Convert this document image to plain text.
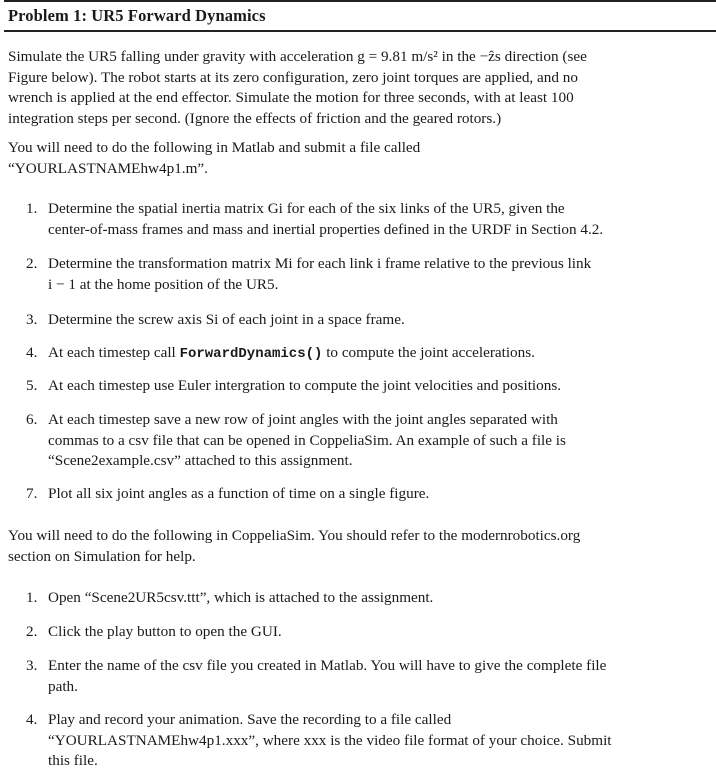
Problem 1: UR5 Forward Dynamics
Simulate the UR5 falling under gravity with acceleration g = 9.81 m/s² in the −ẑs direction (see
Figure below). The robot starts at its zero configuration, zero joint torques are applied, and no
wrench is applied at the end effector. Simulate the motion for three seconds, with at least 100
integration steps per second. (Ignore the effects of friction and the geared rotors.)
You will need to do the following in Matlab and submit a file called
“YOURLASTNAMEhw4p1.m”.
1. Determine the spatial inertia matrix Gi for each of the six links of the UR5, given the
center-of-mass frames and mass and inertial properties defined in the URDF in Section 4.2.
2. Determine the transformation matrix Mi for each link i frame relative to the previous link
i − 1 at the home position of the UR5.
3. Determine the screw axis Si of each joint in a space frame.
4. At each timestep call ForwardDynamics() to compute the joint accelerations.
5. At each timestep use Euler intergration to compute the joint velocities and positions.
6. At each timestep save a new row of joint angles with the joint angles separated with
commas to a csv file that can be opened in CoppeliaSim. An example of such a file is
“Scene2example.csv” attached to this assignment.
7. Plot all six joint angles as a function of time on a single figure.
You will need to do the following in CoppeliaSim. You should refer to the modernrobotics.org
section on Simulation for help.
1. Open “Scene2UR5csv.ttt”, which is attached to the assignment.
2. Click the play button to open the GUI.
3. Enter the name of the csv file you created in Matlab. You will have to give the complete file
path.
4. Play and record your animation. Save the recording to a file called
“YOURLASTNAMEhw4p1.xxx”, where xxx is the video file format of your choice. Submit
this file.
